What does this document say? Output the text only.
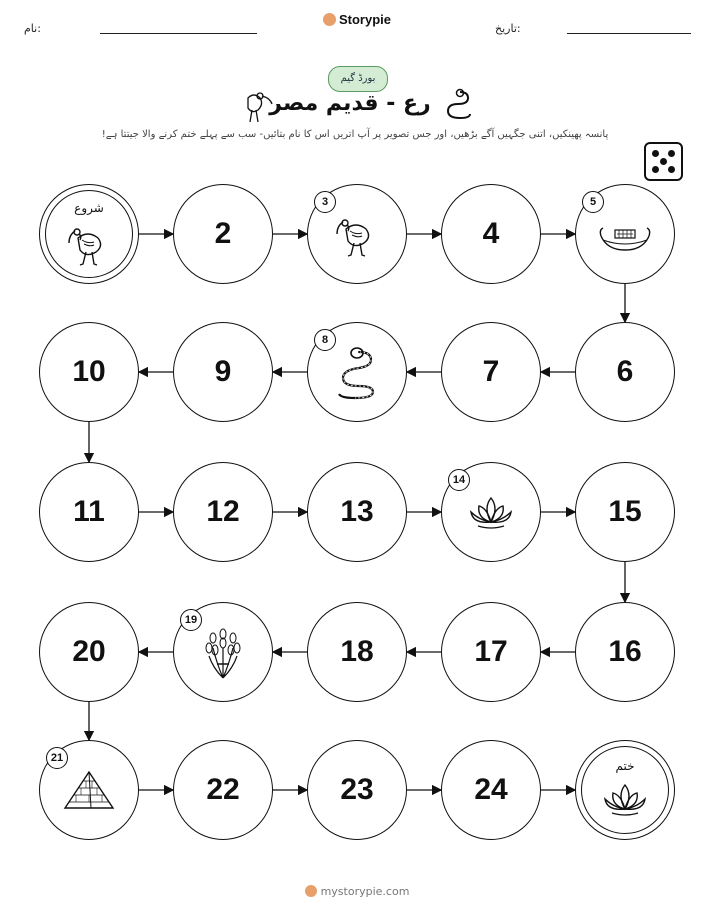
نام:
Storypie
تاریخ:
بورڈ گیم
رع - قدیم مصر
پانسہ پھینکیں، اتنی جگہیں آگے بڑھیں، اور جس تصویر پر آپ اتریں اس کا نام بتائیں- سب سے پہلے ختم کرنے والا جیتتا ہے!
شروع
2
3
4
5
6
7
8
9
10
11	12	13
14
15
16
17
18
19
20
21
22	23	24
ختم
mystorypie.com
